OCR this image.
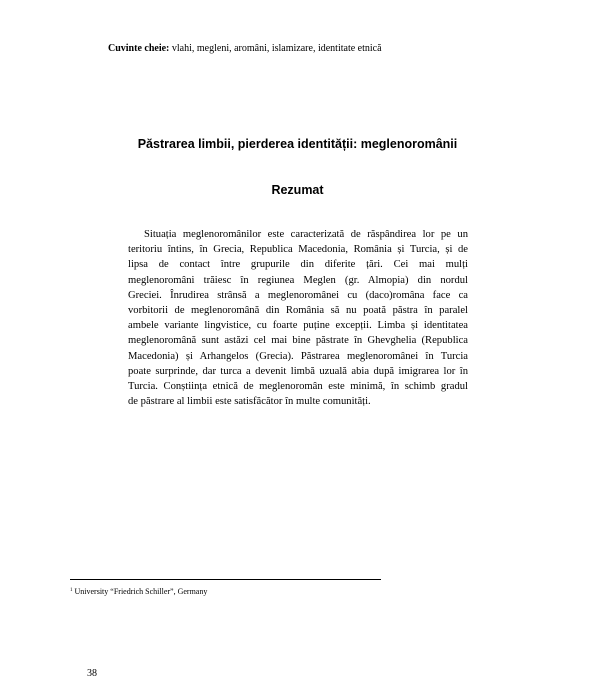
Cuvinte cheie: vlahi, megleni, aromâni, islamizare, identitate etnică
Păstrarea limbii, pierderea identității: meglenoromânii
Rezumat
Situația meglenoromânilor este caracterizată de răspândirea lor pe un
teritoriu întins, în Grecia, Republica Macedonia, România și Turcia, și de
lipsa de contact între grupurile din diferite țări. Cei mai mulți
meglenoromâni trăiesc în regiunea Meglen (gr. Almopia) din nordul
Greciei. Înrudirea strânsă a meglenoromânei cu (daco)româna face ca
vorbitorii de meglenoromână din România să nu poată păstra în paralel
ambele variante lingvistice, cu foarte puține excepții. Limba și identitatea
meglenoromână sunt astăzi cel mai bine păstrate în Ghevghelia (Republica
Macedonia) și Arhangelos (Grecia). Păstrarea meglenoromânei în Turcia
poate surprinde, dar turca a devenit limbă uzuală abia după imigrarea lor în
Turcia. Conștiința etnică de meglenoromân este minimă, în schimb gradul
de păstrare al limbii este satisfăcător în multe comunități.
$^1$ University “Friedrich Schiller”, Germany
38
